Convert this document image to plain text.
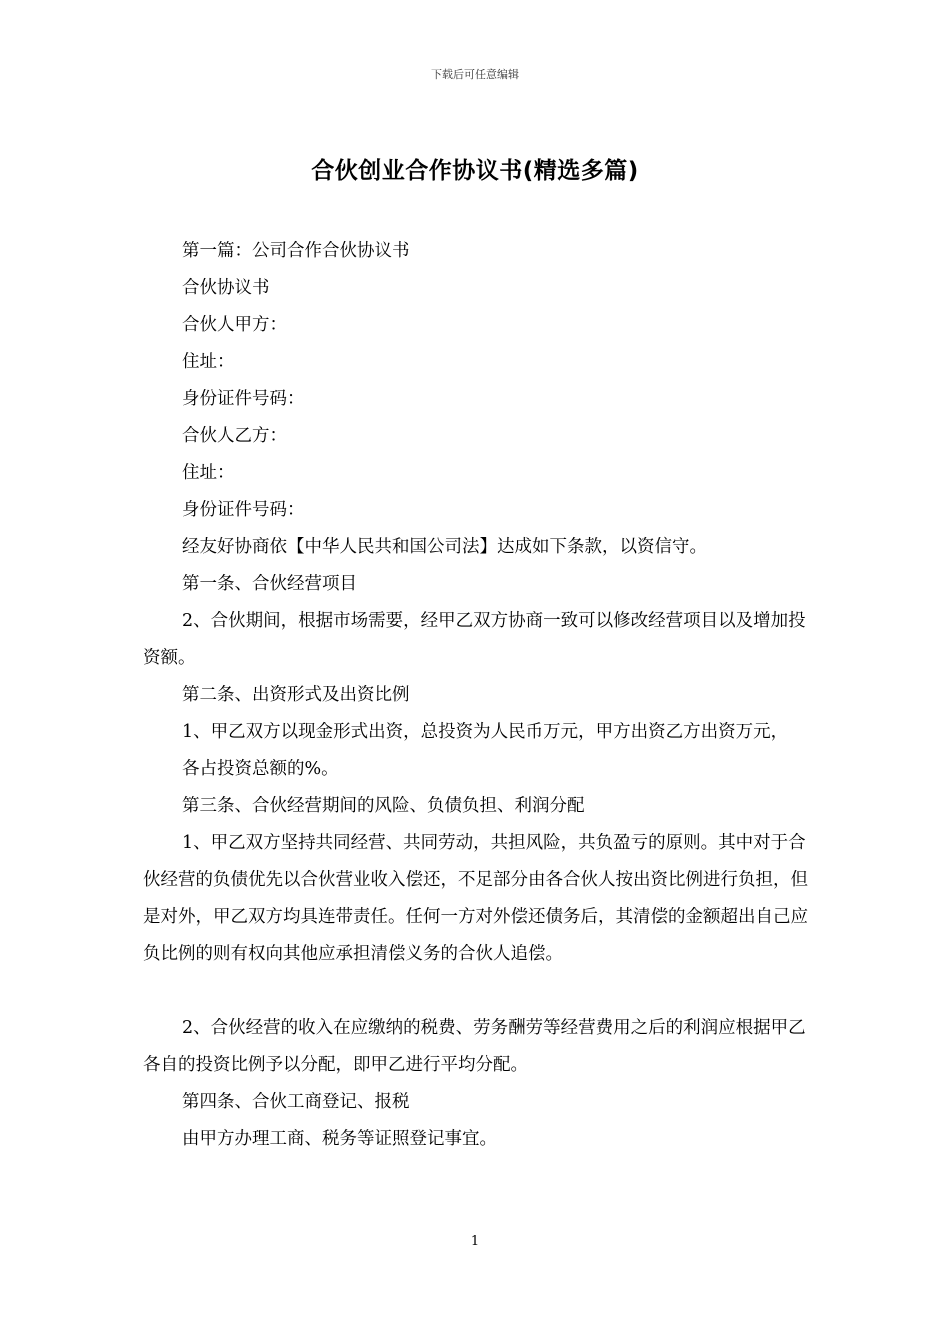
下载后可任意编辑
合伙创业合作协议书(精选多篇)

第一篇：公司合作合伙协议书

合伙协议书

合伙人甲方：

住址：

身份证件号码：

合伙人乙方：

住址：

身份证件号码：

经友好协商依【中华人民共和国公司法】达成如下条款，以资信守。

第一条、合伙经营项目

2、合伙期间，根据市场需要，经甲乙双方协商一致可以修改经营项目以及增加投资额。

第二条、出资形式及出资比例

1、甲乙双方以现金形式出资，总投资为人民币万元，甲方出资乙方出资万元，

各占投资总额的%。

第三条、合伙经营期间的风险、负债负担、利润分配

1、甲乙双方坚持共同经营、共同劳动，共担风险，共负盈亏的原则。其中对于合伙经营的负债优先以合伙营业收入偿还，不足部分由各合伙人按出资比例进行负担，但是对外，甲乙双方均具连带责任。任何一方对外偿还债务后，其清偿的金额超出自己应负比例的则有权向其他应承担清偿义务的合伙人追偿。

2、合伙经营的收入在应缴纳的税费、劳务酬劳等经营费用之后的利润应根据甲乙各自的投资比例予以分配，即甲乙进行平均分配。

第四条、合伙工商登记、报税

由甲方办理工商、税务等证照登记事宜。

1
